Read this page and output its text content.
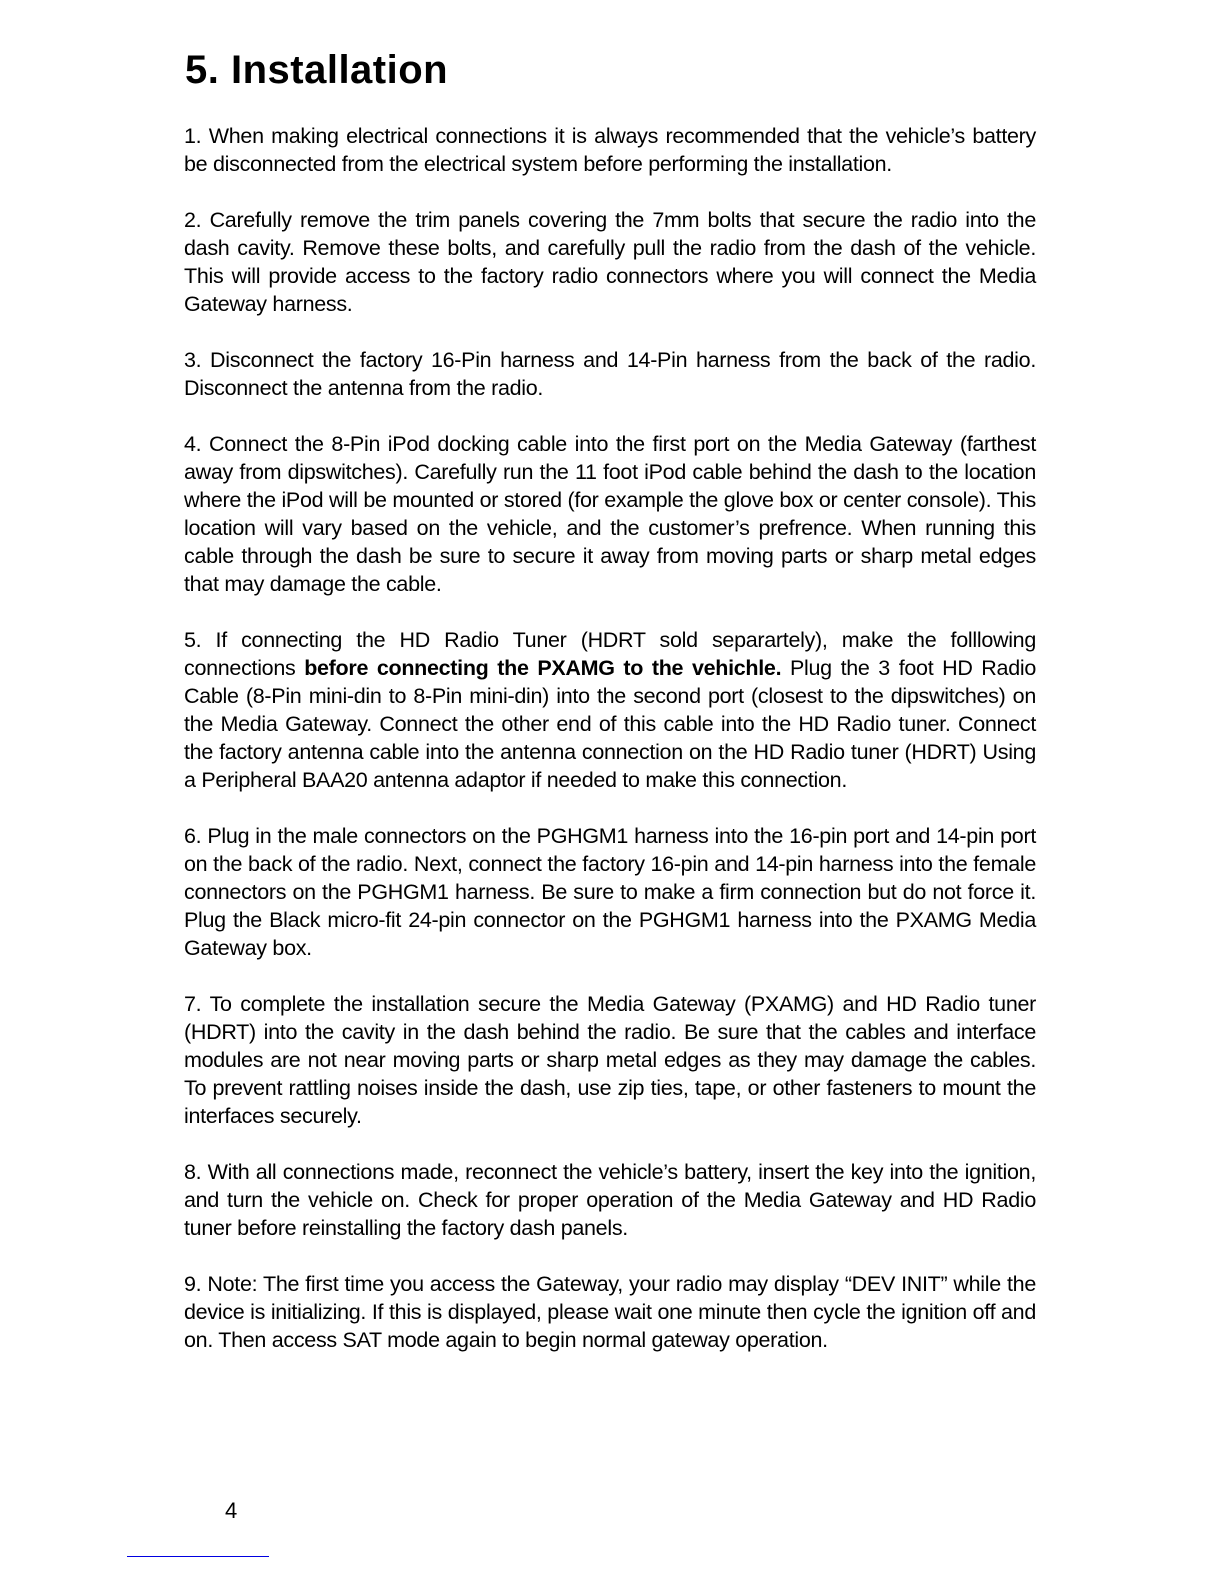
5. Installation

1. When making electrical connections it is always recommended that the vehicle’s battery be disconnected from the electrical system before performing the installation.

2. Carefully remove the trim panels covering the 7mm bolts that secure the radio into the dash cavity. Remove these bolts, and carefully pull the radio from the dash of the vehicle. This will provide access to the factory radio connectors where you will connect the Media Gateway harness.

3. Disconnect the factory 16-Pin harness and 14-Pin harness from the back of the radio. Disconnect the antenna from the radio.

4. Connect the 8-Pin iPod docking cable into the first port on the Media Gateway (farthest away from dipswitches). Carefully run the 11 foot iPod cable behind the dash to the location where the iPod will be mounted or stored (for example the glove box or center console). This location will vary based on the vehicle, and the customer’s prefrence. When running this cable through the dash be sure to secure it away from moving parts or sharp metal edges that may damage the cable.

5. If connecting the HD Radio Tuner (HDRT sold separartely), make the folllowing connections before connecting the PXAMG to the vehichle. Plug the 3 foot HD Radio Cable (8-Pin mini-din to 8-Pin mini-din) into the second port (closest to the dipswitches) on the Media Gateway. Connect the other end of this cable into the HD Radio tuner. Connect the factory antenna cable into the antenna connection on the HD Radio tuner (HDRT) Using a Peripheral BAA20 antenna adaptor if needed to make this connection.

6. Plug in the male connectors on the PGHGM1 harness into the 16-pin port and 14-pin port on the back of the radio. Next, connect the factory 16-pin and 14-pin harness into the female connectors on the PGHGM1 harness. Be sure to make a firm connection but do not force it. Plug the Black micro-fit 24-pin connector on the PGHGM1 harness into the PXAMG Media Gateway box.

7. To complete the installation secure the Media Gateway (PXAMG) and HD Radio tuner (HDRT) into the cavity in the dash behind the radio. Be sure that the cables and interface modules are not near moving parts or sharp metal edges as they may damage the cables. To prevent rattling noises inside the dash, use zip ties, tape, or other fasteners to mount the interfaces securely.

8. With all connections made, reconnect the vehicle’s battery, insert the key into the ignition, and turn the vehicle on. Check for proper operation of the Media Gateway and HD Radio tuner before reinstalling the factory dash panels.

9. Note: The first time you access the Gateway, your radio may display “DEV INIT” while the device is initializing. If this is displayed, please wait one minute then cycle the ignition off and on. Then access SAT mode again to begin normal gateway operation.

4
